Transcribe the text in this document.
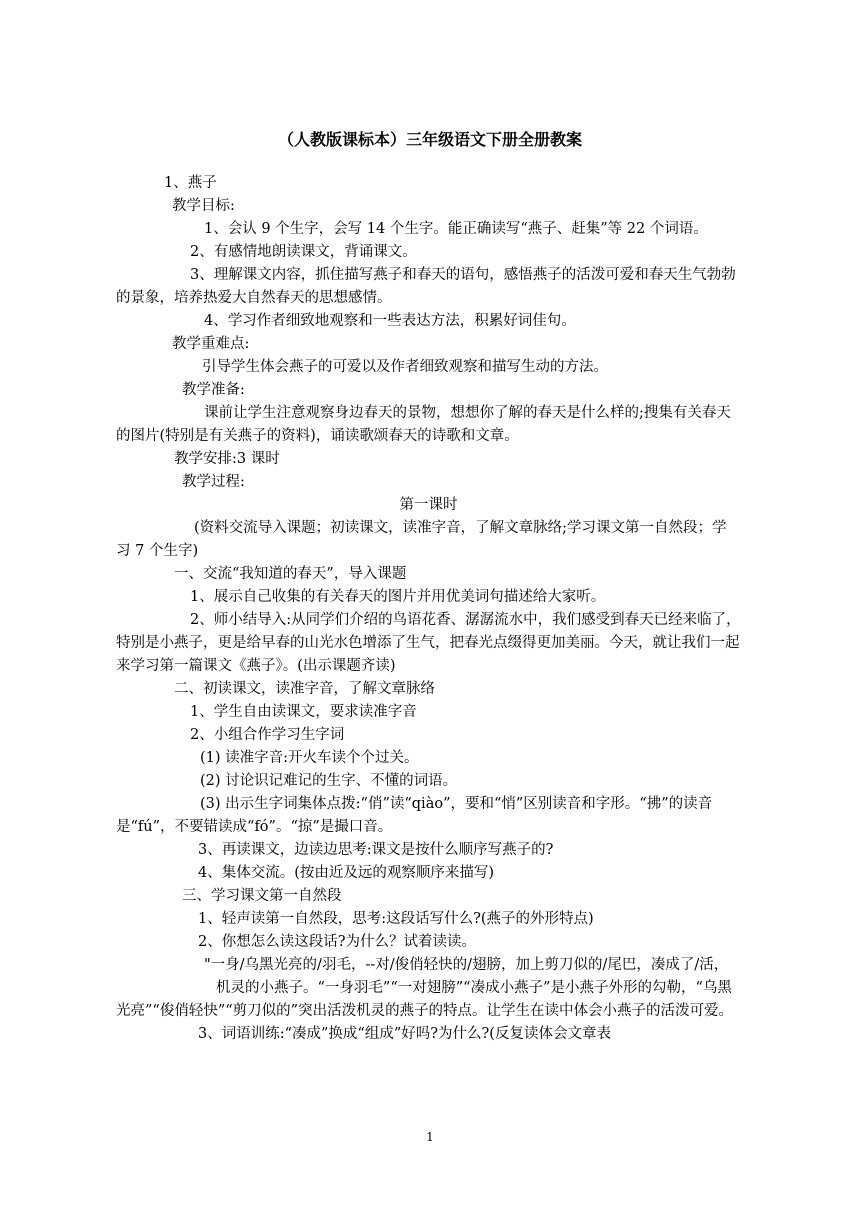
（人教版课标本）三年级语文下册全册教案

1、燕子

教学目标:

1、会认 9 个生字，会写 14 个生字。能正确读写“燕子、赶集”等 22 个词语。

2、有感情地朗读课文，背诵课文。

3、理解课文内容，抓住描写燕子和春天的语句，感悟燕子的活泼可爱和春天生气勃勃的景象，培养热爱大自然春天的思想感情。

4、学习作者细致地观察和一些表达方法，积累好词佳句。

教学重难点:

引导学生体会燕子的可爱以及作者细致观察和描写生动的方法。

教学准备:

课前让学生注意观察身边春天的景物，想想你了解的春天是什么样的;搜集有关春天的图片(特别是有关燕子的资料)，诵读歌颂春天的诗歌和文章。

教学安排:3 课时

教学过程:

第一课时

(资料交流导入课题；初读课文，读准字音，了解文章脉络;学习课文第一自然段；学习 7 个生字)

一、交流“我知道的春天”，导入课题

1、展示自己收集的有关春天的图片并用优美词句描述给大家听。

2、师小结导入:从同学们介绍的鸟语花香、潺潺流水中，我们感受到春天已经来临了，特别是小燕子，更是给早春的山光水色增添了生气，把春光点缀得更加美丽。今天，就让我们一起来学习第一篇课文《燕子》。(出示课题齐读)

二、初读课文，读准字音，了解文章脉络

1、学生自由读课文，要求读准字音

2、小组合作学习生字词

(1) 读准字音:开火车读个个过关。

(2) 讨论识记难记的生字、不懂的词语。

(3) 出示生字词集体点拨:“俏”读“qiào”，要和“悄”区别读音和字形。“拂”的读音是“fú”，不要错读成“fó”。“掠”是撮口音。

3、再读课文，边读边思考:课文是按什么顺序写燕子的?

4、集体交流。(按由近及远的观察顺序来描写)

三、学习课文第一自然段

1、轻声读第一自然段，思考:这段话写什么?(燕子的外形特点)

2、你想怎么读这段话?为什么？试着读读。

"一身/乌黑光亮的/羽毛，--对/俊俏轻快的/翅膀，加上剪刀似的/尾巴，凑成了/活，

机灵的小燕子。“一身羽毛”“一对翅膀”“凑成小燕子”是小燕子外形的勾勒，“乌黑光亮”“俊俏轻快”“剪刀似的”突出活泼机灵的燕子的特点。让学生在读中体会小燕子的活泼可爱。

3、词语训练:“凑成”换成“组成”好吗?为什么?(反复读体会文章表

1
